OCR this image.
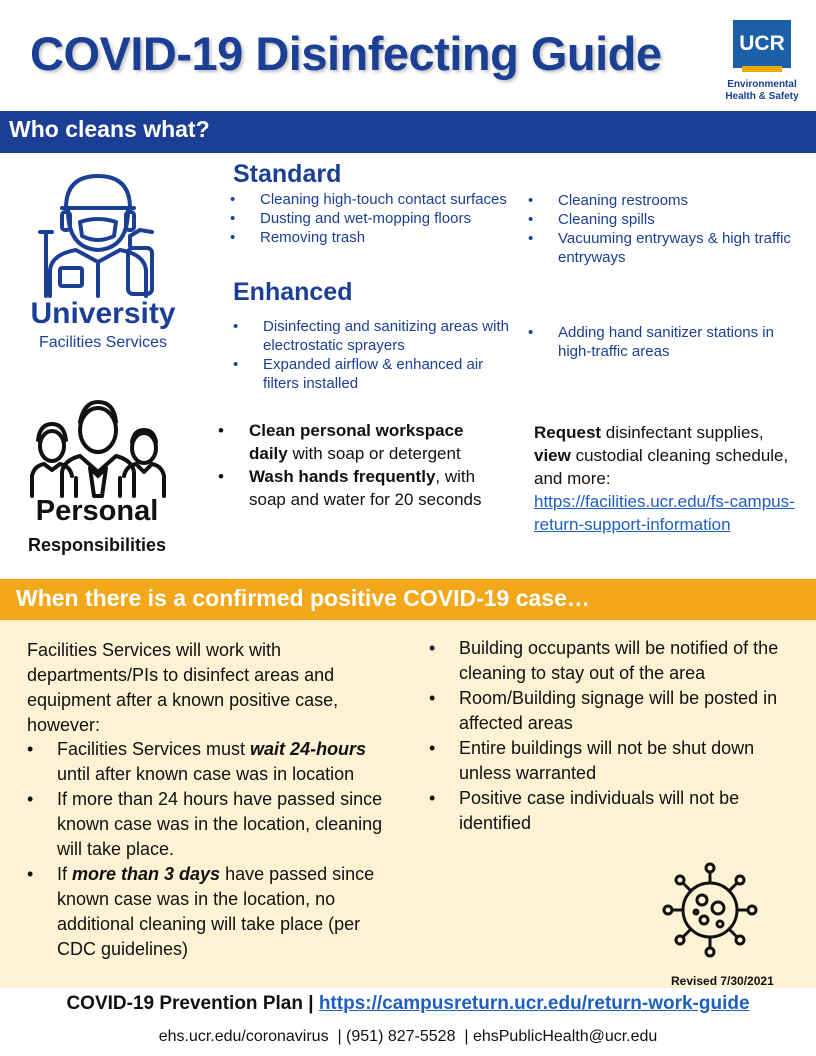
COVID-19 Disinfecting Guide	UCR
Environmental
Health & Safety
Who cleans what?
University
Facilities Services
Standard
• Cleaning high-touch contact surfaces
• Dusting and wet-mopping floors
• Removing trash
• Cleaning restrooms
• Cleaning spills
• Vacuuming entryways & high traffic entryways
Enhanced
• Disinfecting and sanitizing areas with electrostatic sprayers
• Expanded airflow & enhanced air filters installed
• Adding hand sanitizer stations in high-traffic areas
Personal
Responsibilities
• Clean personal workspace daily with soap or detergent
• Wash hands frequently, with soap and water for 20 seconds
Request disinfectant supplies, view custodial cleaning schedule, and more:
https://facilities.ucr.edu/fs-campus-return-support-information
When there is a confirmed positive COVID-19 case…
Facilities Services will work with departments/PIs to disinfect areas and equipment after a known positive case, however:
• Facilities Services must wait 24-hours until after known case was in location
• If more than 24 hours have passed since known case was in the location, cleaning will take place.
• If more than 3 days have passed since known case was in the location, no additional cleaning will take place (per CDC guidelines)
• Building occupants will be notified of the cleaning to stay out of the area
• Room/Building signage will be posted in affected areas
• Entire buildings will not be shut down unless warranted
• Positive case individuals will not be identified
Revised 7/30/2021
COVID-19 Prevention Plan | https://campusreturn.ucr.edu/return-work-guide
ehs.ucr.edu/coronavirus  | (951) 827-5528  | ehsPublicHealth@ucr.edu
